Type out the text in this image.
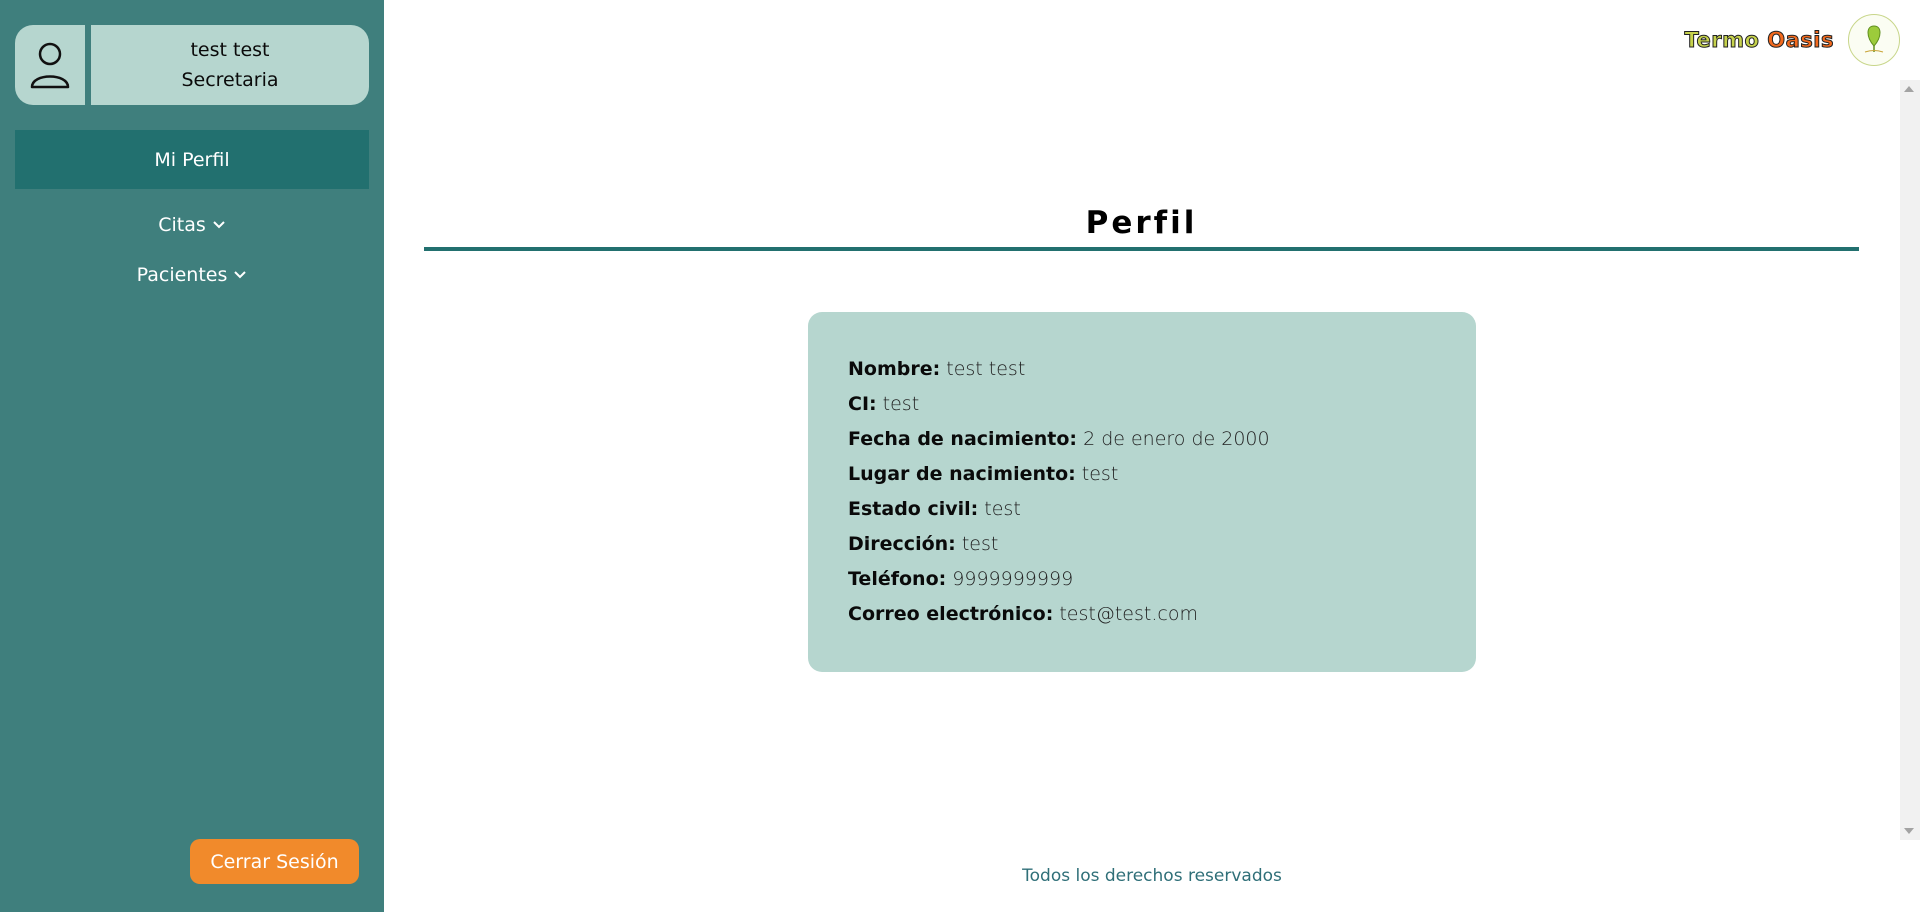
test test
Secretaria
Mi Perfil
Citas
Pacientes
Cerrar Sesión
Termo Oasis
Perfil
Nombre: test test
CI: test
Fecha de nacimiento: 2 de enero de 2000
Lugar de nacimiento: test
Estado civil: test
Dirección: test
Teléfono: 9999999999
Correo electrónico: test@test.com
Todos los derechos reservados
